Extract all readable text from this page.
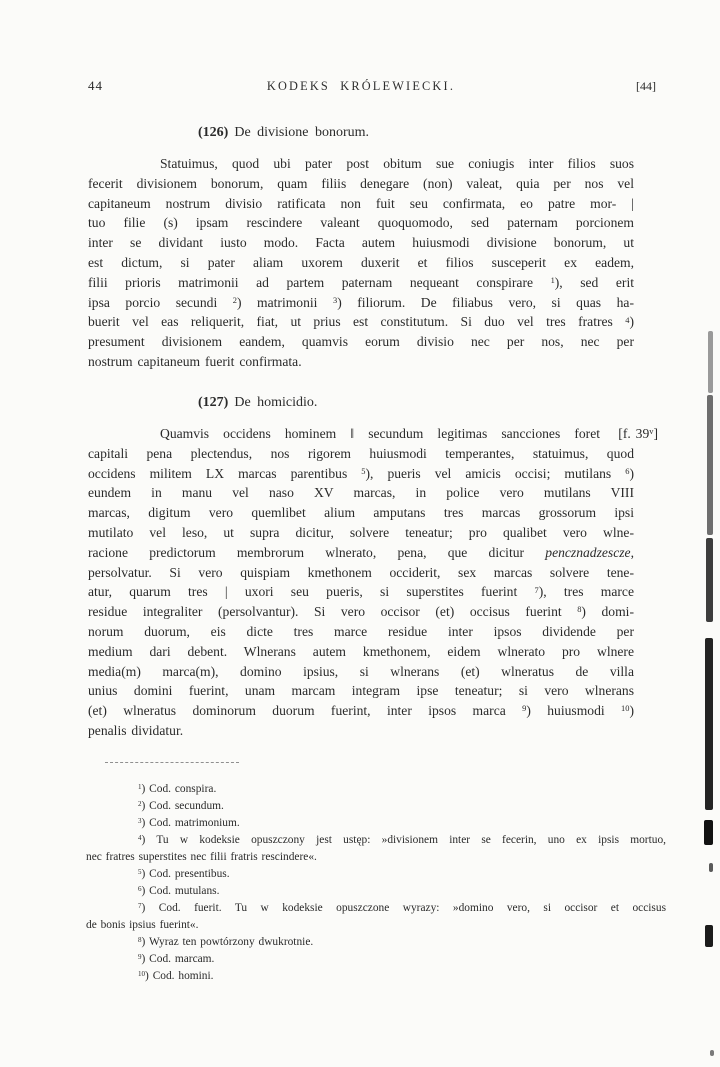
44	KODEKS KRÓLEWIECKI.	[44]
(126) De divisione bonorum.
Statuimus, quod ubi pater post obitum sue coniugis inter filios suos
fecerit divisionem bonorum, quam filiis denegare (non) valeat, quia per nos vel
capitaneum nostrum divisio ratificata non fuit seu confirmata, eo patre mor- |
tuo filie (s) ipsam rescindere valeant quoquomodo, sed paternam porcionem
inter se dividant iusto modo. Facta autem huiusmodi divisione bonorum, ut
est dictum, si pater aliam uxorem duxerit et filios susceperit ex eadem,
filii prioris matrimonii ad partem paternam nequeant conspirare $^1$), sed erit
ipsa porcio secundi $^2$) matrimonii $^3$) filiorum. De filiabus vero, si quas ha-
buerit vel eas reliquerit, fiat, ut prius est constitutum. Si duo vel tres fratres $^4$)
presument divisionem eandem, quamvis eorum divisio nec per nos, nec per
nostrum capitaneum fuerit confirmata.
(127) De homicidio.
Quamvis occidens hominem ‖ secundum legitimas sancciones foret [f. 39$^v$]
capitali pena plectendus, nos rigorem huiusmodi temperantes, statuimus, quod
occidens militem LX marcas parentibus $^5$), pueris vel amicis occisi; mutilans $^6$)
eundem in manu vel naso XV marcas, in police vero mutilans VIII
marcas, digitum vero quemlibet alium amputans tres marcas grossorum ipsi
mutilato vel leso, ut supra dicitur, solvere teneatur; pro qualibet vero wlne-
racione predictorum membrorum wlnerato, pena, que dicitur pencznadzescze,
persolvatur. Si vero quispiam kmethonem occiderit, sex marcas solvere tene-
atur, quarum tres | uxori seu pueris, si superstites fuerint $^7$), tres marce
residue integraliter (persolvantur). Si vero occisor (et) occisus fuerint $^8$) domi-
norum duorum, eis dicte tres marce residue inter ipsos dividende per
medium dari debent. Wlnerans autem kmethonem, eidem wlnerato pro wlnere
media(m) marca(m), domino ipsius, si wlnerans (et) wlneratus de villa
unius domini fuerint, unam marcam integram ipse teneatur; si vero wlnerans
(et) wlneratus dominorum duorum fuerint, inter ipsos marca $^9$) huiusmodi $^{10}$)
penalis dividatur.
$^1$) Cod. conspira.
$^2$) Cod. secundum.
$^3$) Cod. matrimonium.
$^4$) Tu w kodeksie opuszczony jest ustęp: »divisionem inter se fecerin, uno ex ipsis mortuo,
nec fratres superstites nec filii fratris rescindere«.
$^5$) Cod. presentibus.
$^6$) Cod. mutulans.
$^7$) Cod. fuerit. Tu w kodeksie opuszczone wyrazy: »domino vero, si occisor et occisus
de bonis ipsius fuerint«.
$^8$) Wyraz ten powtórzony dwukrotnie.
$^9$) Cod. marcam.
$^{10}$) Cod. homini.
